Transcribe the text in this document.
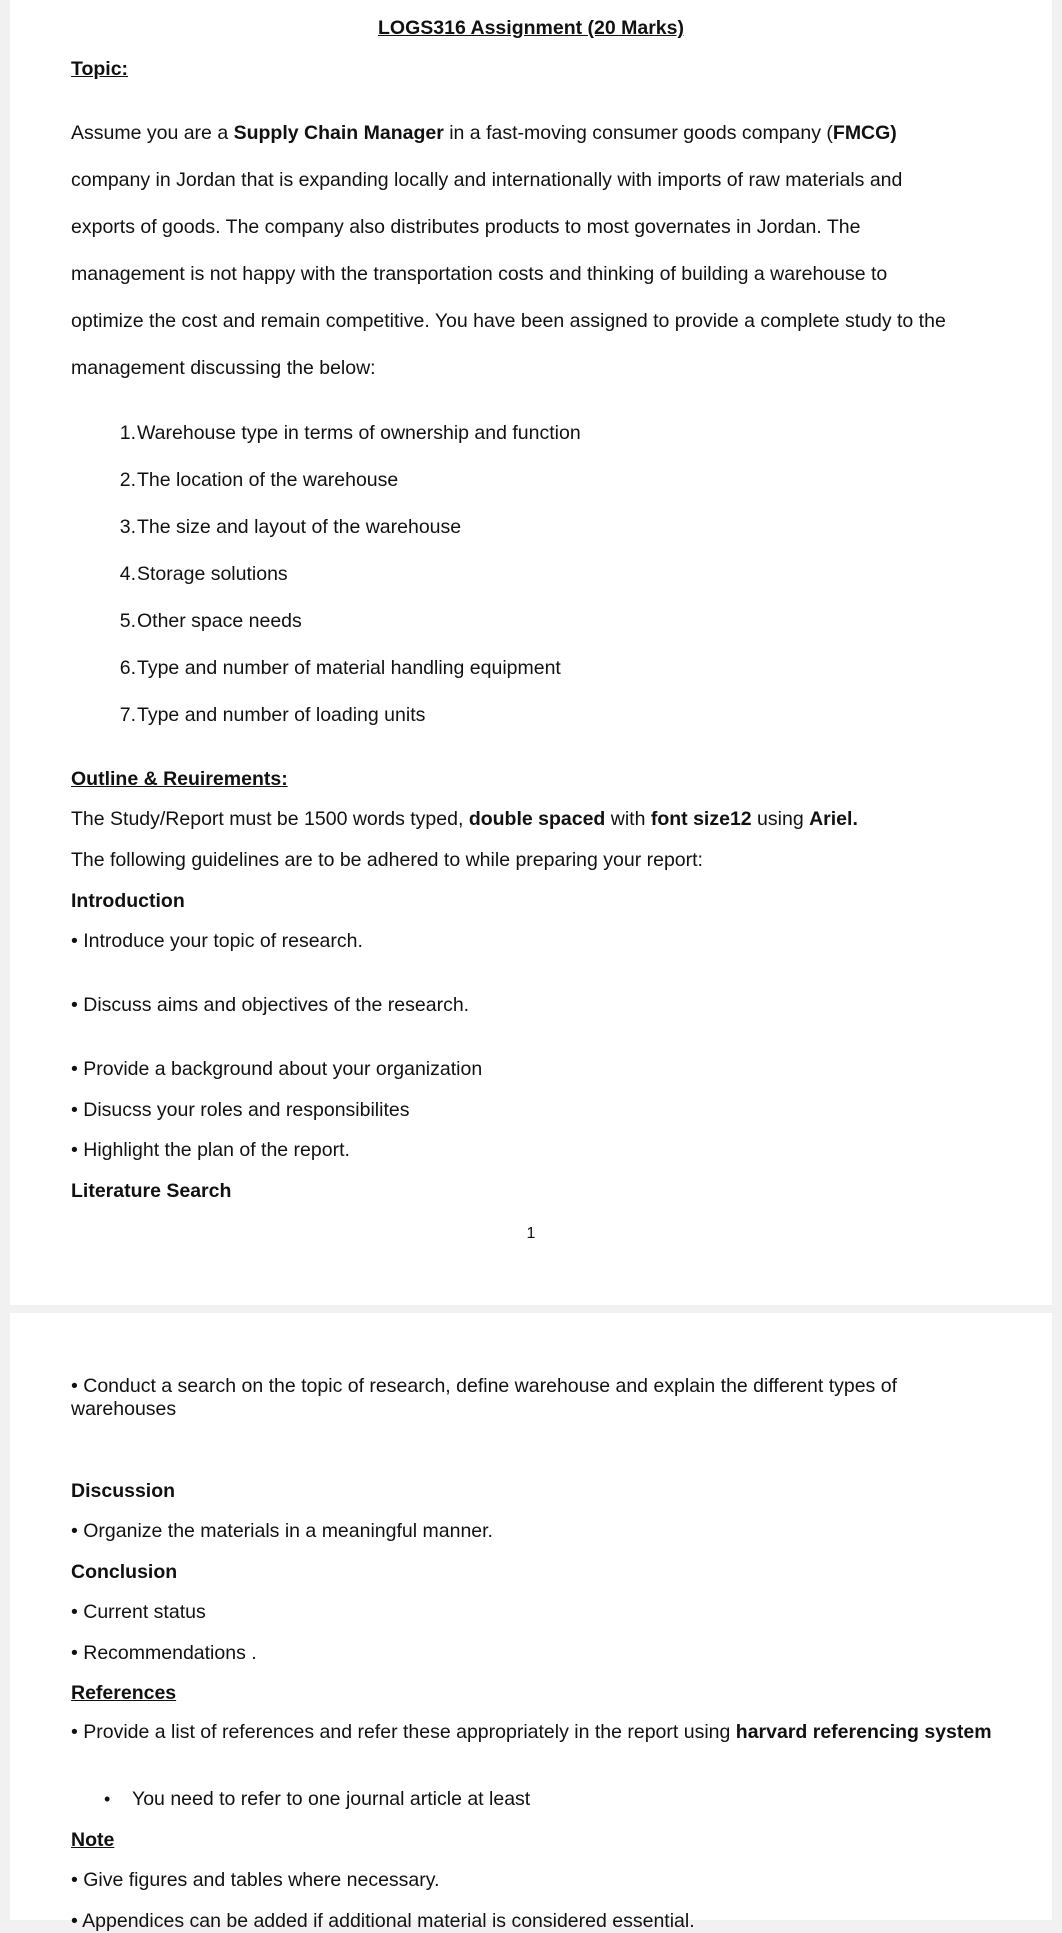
LOGS316 Assignment (20 Marks)
Topic:
Assume you are a Supply Chain Manager in a fast-moving consumer goods company (FMCG)
company in Jordan that is expanding locally and internationally with imports of raw materials and
exports of goods. The company also distributes products to most governates in Jordan. The
management is not happy with the transportation costs and thinking of building a warehouse to
optimize the cost and remain competitive. You have been assigned to provide a complete study to the
management discussing the below:
1. Warehouse type in terms of ownership and function
2. The location of the warehouse
3. The size and layout of the warehouse
4. Storage solutions
5. Other space needs
6. Type and number of material handling equipment
7. Type and number of loading units
Outline & Reuirements:
The Study/Report must be 1500 words typed, double spaced with font size12 using Ariel.
The following guidelines are to be adhered to while preparing your report:
Introduction
• Introduce your topic of research.
• Discuss aims and objectives of the research.
• Provide a background about your organization
• Disucss your roles and responsibilites
• Highlight the plan of the report.
Literature Search
1
• Conduct a search on the topic of research, define warehouse and explain the different types of warehouses
Discussion
• Organize the materials in a meaningful manner.
Conclusion
• Current status
• Recommendations .
References
• Provide a list of references and refer these appropriately in the report using harvard referencing system
• You need to refer to one journal article at least
Note
• Give figures and tables where necessary.
• Appendices can be added if additional material is considered essential.
